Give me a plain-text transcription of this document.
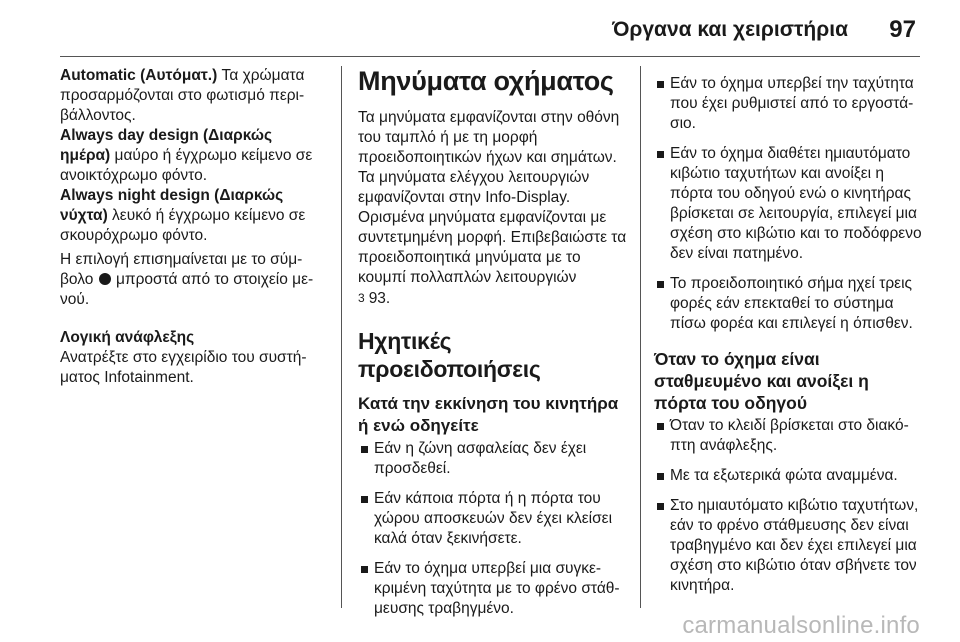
Όργανα και χειριστήρια 97

Automatic (Αυτόματ.) Τα χρώματα προσαρμόζονται στο φωτισμό περιβάλλοντος.

Always day design (Διαρκώς ημέρα) μαύρο ή έγχρωμο κείμενο σε ανοικτόχρωμο φόντο.

Always night design (Διαρκώς νύχτα) λευκό ή έγχρωμο κείμενο σε σκουρόχρωμο φόντο.

Η επιλογή επισημαίνεται με το σύμβολο  μπροστά από το στοιχείο μενού.

Λογική ανάφλεξης

Ανατρέξτε στο εγχειρίδιο του συστήματος Infotainment.

Μηνύματα οχήματος

Τα μηνύματα εμφανίζονται στην οθόνη του ταμπλό ή με τη μορφή προειδοποιητικών ήχων και σημάτων. Τα μηνύματα ελέγχου λειτουργιών εμφανίζονται στην Info-Display. Ορισμένα μηνύματα εμφανίζονται με συντετμημένη μορφή. Επιβεβαιώστε τα προειδοποιητικά μηνύματα με το κουμπί πολλαπλών λειτουργιών
3 93.

Ηχητικές προειδοποιήσεις

Κατά την εκκίνηση του κινητήρα ή ενώ οδηγείτε

Εάν η ζώνη ασφαλείας δεν έχει προσδεθεί.

Εάν κάποια πόρτα ή η πόρτα του χώρου αποσκευών δεν έχει κλείσει καλά όταν ξεκινήσετε.

Εάν το όχημα υπερβεί μια συγκεκριμένη ταχύτητα με το φρένο στάθμευσης τραβηγμένο.

Εάν το όχημα υπερβεί την ταχύτητα που έχει ρυθμιστεί από το εργοστάσιο.

Εάν το όχημα διαθέτει ημιαυτόματο κιβώτιο ταχυτήτων και ανοίξει η πόρτα του οδηγού ενώ ο κινητήρας βρίσκεται σε λειτουργία, επιλεγεί μια σχέση στο κιβώτιο και το ποδόφρενο δεν είναι πατημένο.

Το προειδοποιητικό σήμα ηχεί τρεις φορές εάν επεκταθεί το σύστημα πίσω φορέα και επιλεγεί η όπισθεν.

Όταν το όχημα είναι σταθμευμένο και ανοίξει η πόρτα του οδηγού

Όταν το κλειδί βρίσκεται στο διακόπτη ανάφλεξης.

Με τα εξωτερικά φώτα αναμμένα.

Στο ημιαυτόματο κιβώτιο ταχυτήτων, εάν το φρένο στάθμευσης δεν είναι τραβηγμένο και δεν έχει επιλεγεί μια σχέση στο κιβώτιο όταν σβήνετε τον κινητήρα.

carmanualsonline.info
